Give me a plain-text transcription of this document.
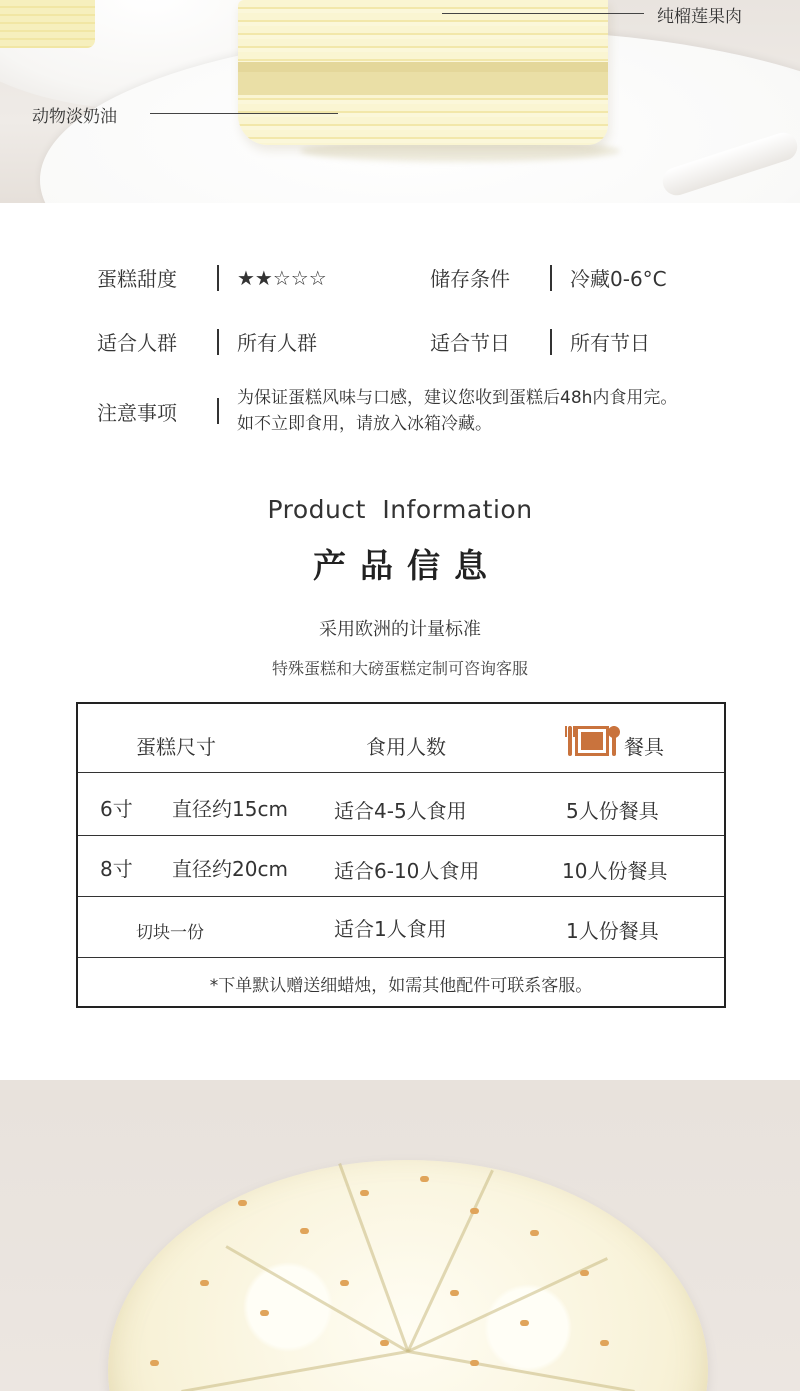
纯榴莲果肉
动物淡奶油
蛋糕甜度	★★☆☆☆	储存条件	冷藏0-6°C
适合人群	所有人群	适合节日	所有节日
注意事项
为保证蛋糕风味与口感，建议您收到蛋糕后48h内食用完。
如不立即食用，请放入冰箱冷藏。
Product Information
产品信息
采用欧洲的计量标准
特殊蛋糕和大磅蛋糕定制可咨询客服
蛋糕尺寸	食用人数	餐具
6寸 直径约15cm 适合4-5人食用	5人份餐具
8寸 直径约20cm 适合6-10人食用	10人份餐具
切块一份	适合1人食用	1人份餐具
*下单默认赠送细蜡烛，如需其他配件可联系客服。
